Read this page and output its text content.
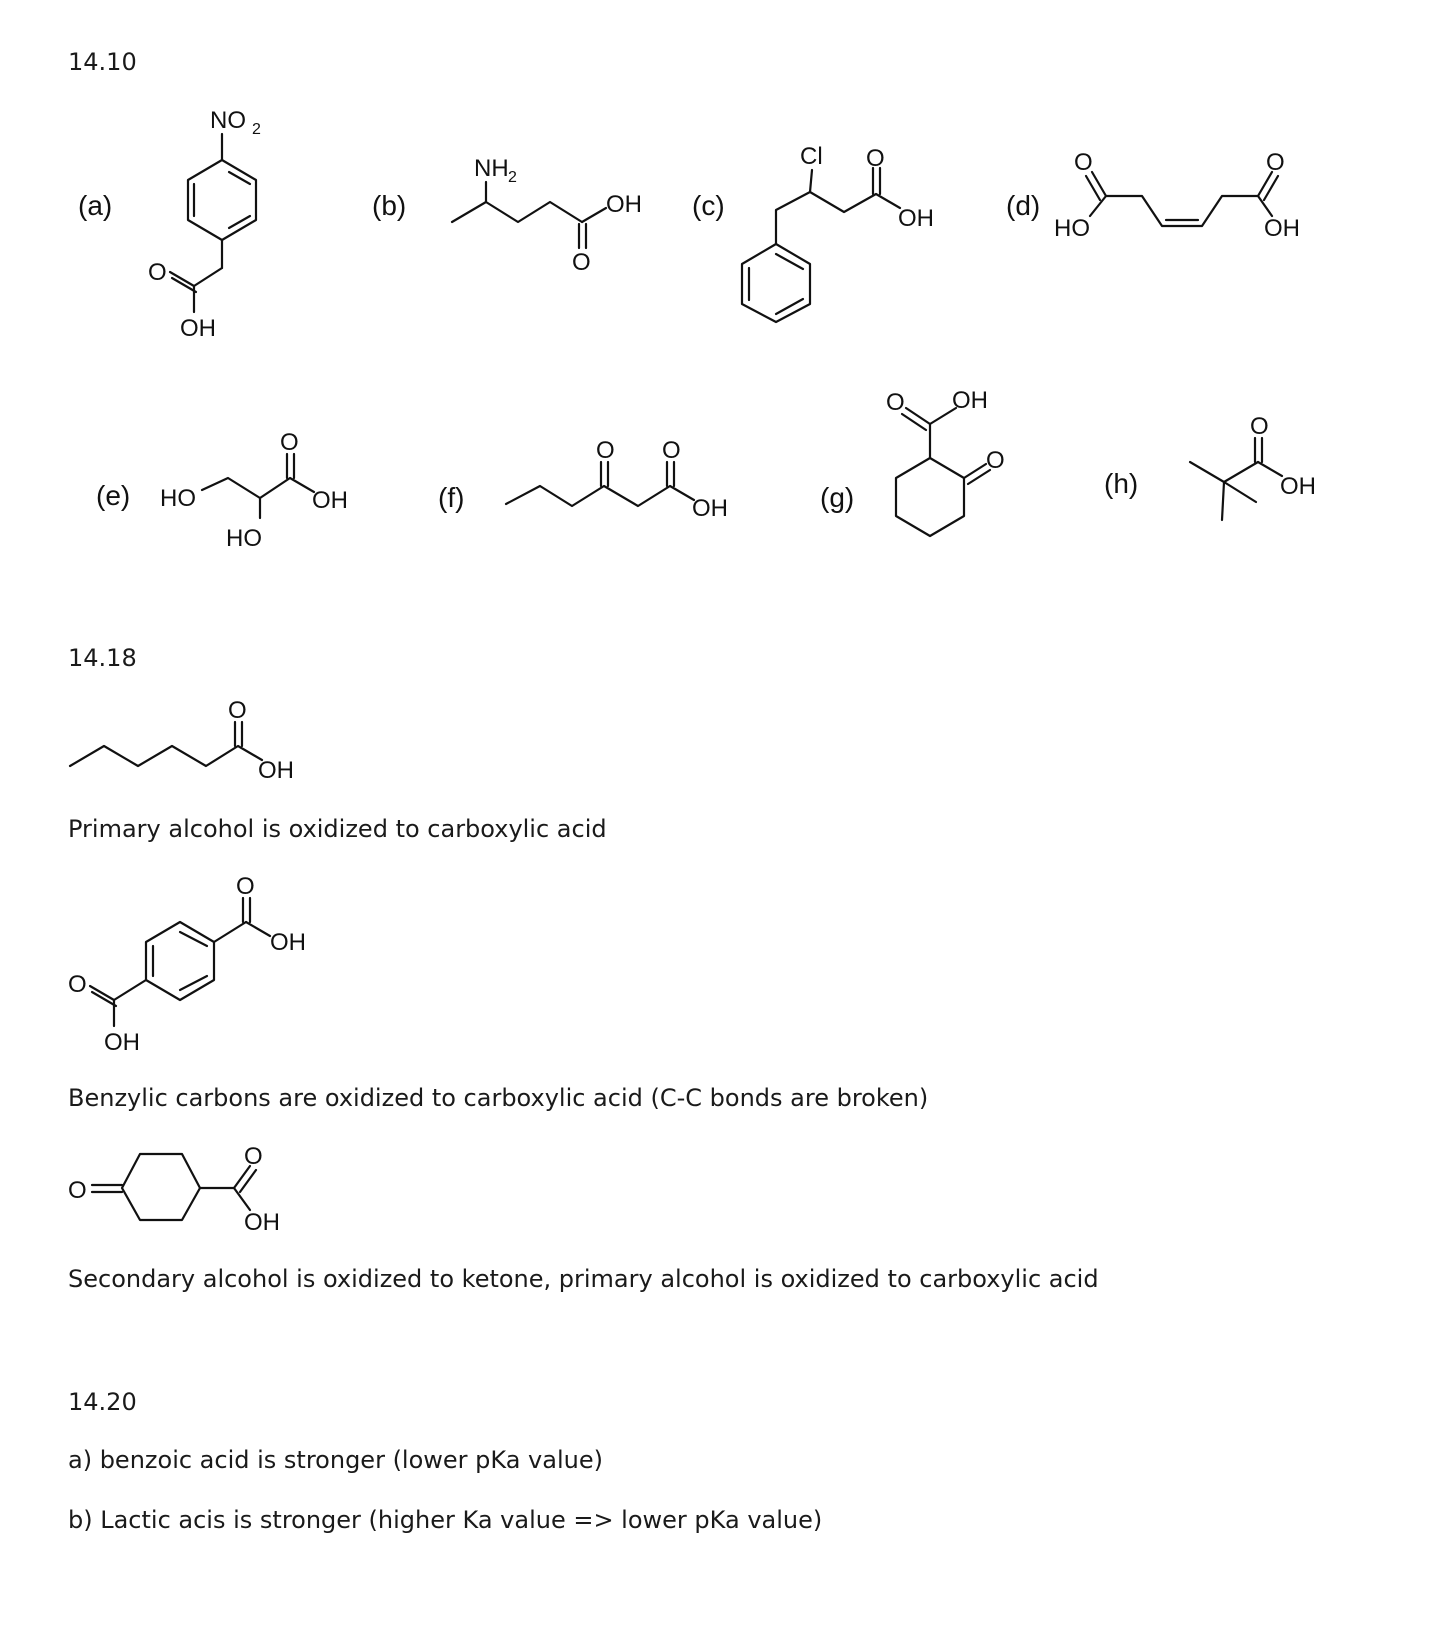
14.10
14.18
14.20
(a)	(b)	(c)	(d)
(e)	(f)	(g)	(h)
NO 2
O
OH
NH 2
OH
O
Cl O
OH
O
HO
O
OH
HO
HO
O
OH
O O
OH
O OH
O
O
OH
O
OH
Primary alcohol is oxidized to carboxylic acid
O
OH
O
OH
Benzylic carbons are oxidized to carboxylic acid (C-C bonds are broken)
O
O
OH
Secondary alcohol is oxidized to ketone, primary alcohol is oxidized to carboxylic acid
a) benzoic acid is stronger (lower pKa value)
b) Lactic acis is stronger (higher Ka value => lower pKa value)
